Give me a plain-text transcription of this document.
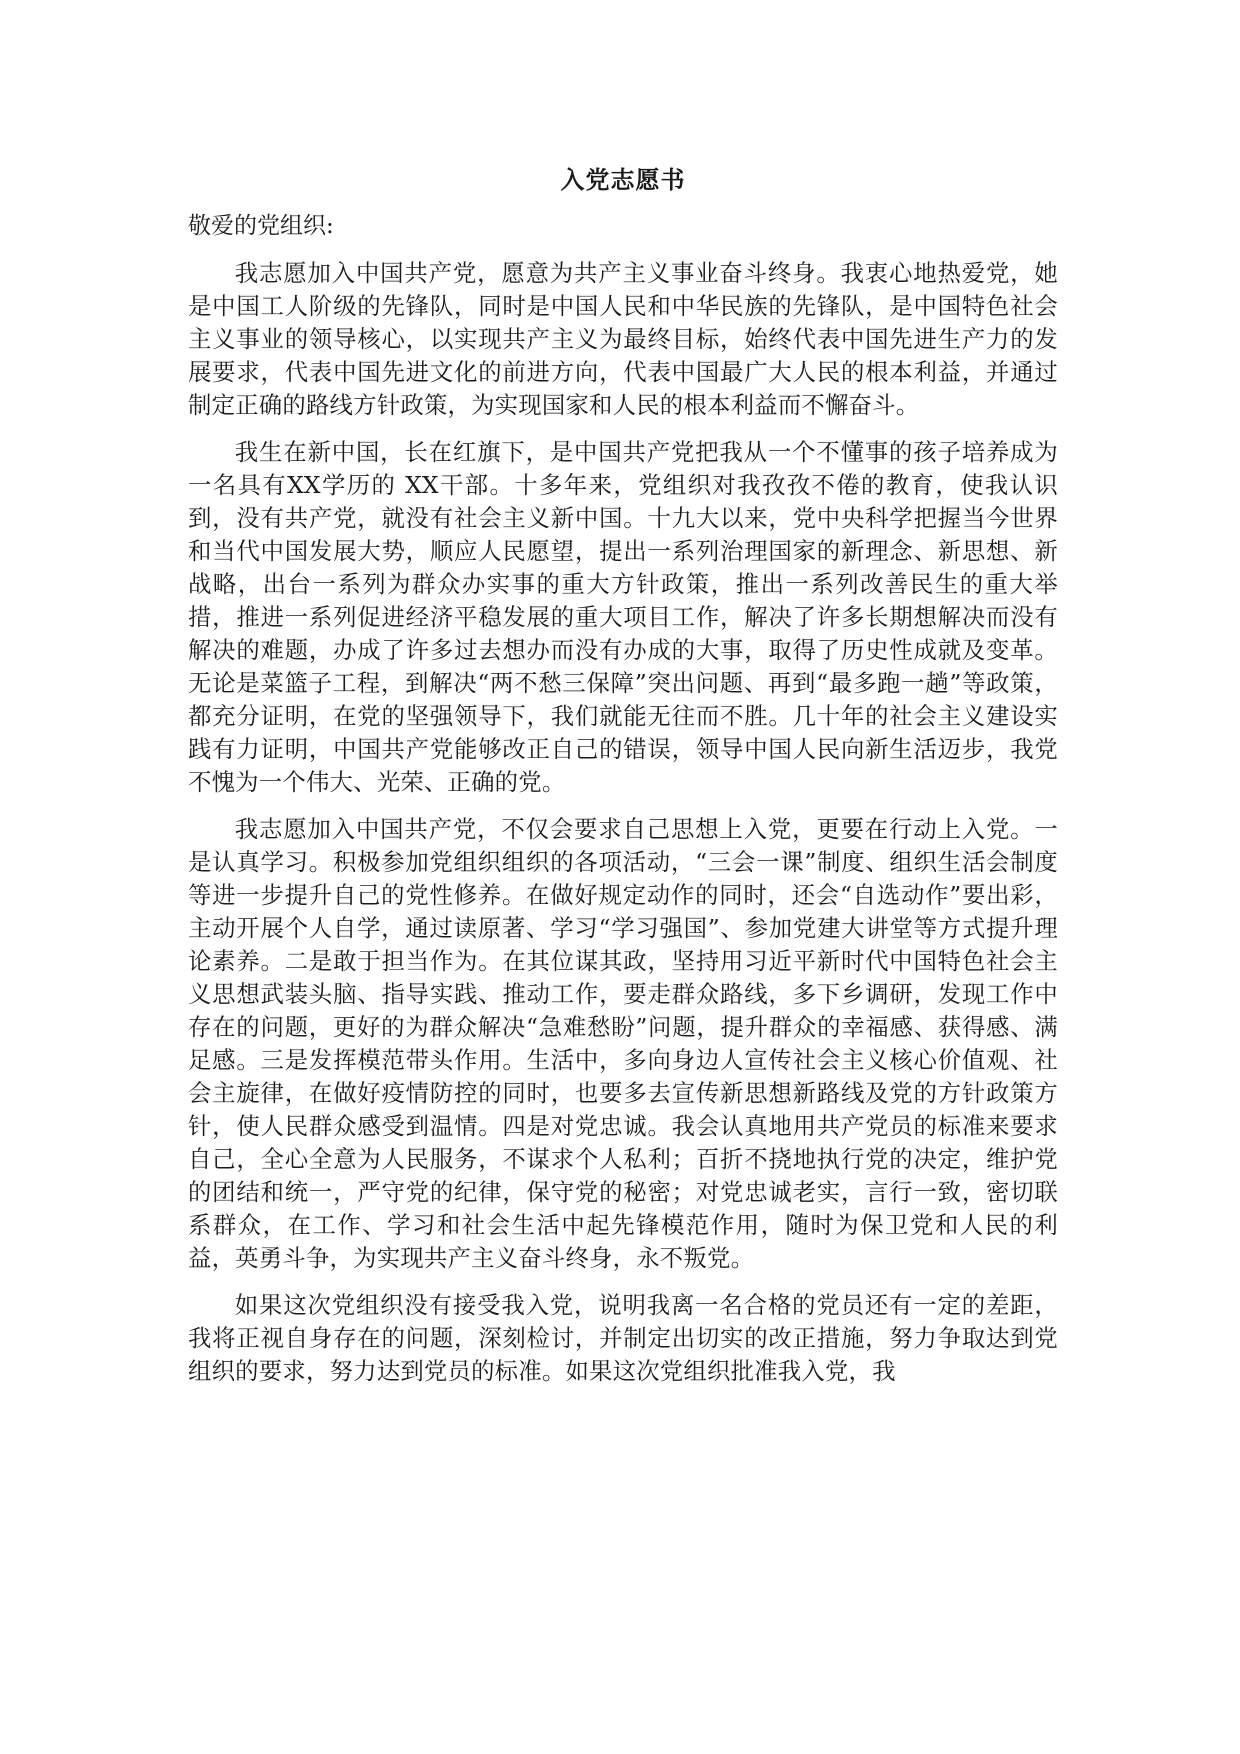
入党志愿书
敬爱的党组织:

我志愿加入中国共产党，愿意为共产主义事业奋斗终身。我衷心地热爱党，她是中国工人阶级的先锋队，同时是中国人民和中华民族的先锋队，是中国特色社会主义事业的领导核心，以实现共产主义为最终目标，始终代表中国先进生产力的发展要求，代表中国先进文化的前进方向，代表中国最广大人民的根本利益，并通过制定正确的路线方针政策，为实现国家和人民的根本利益而不懈奋斗。

我生在新中国，长在红旗下，是中国共产党把我从一个不懂事的孩子培养成为一名具有XX学历的 XX干部。十多年来，党组织对我孜孜不倦的教育，使我认识到，没有共产党，就没有社会主义新中国。十九大以来，党中央科学把握当今世界和当代中国发展大势，顺应人民愿望，提出一系列治理国家的新理念、新思想、新战略，出台一系列为群众办实事的重大方针政策，推出一系列改善民生的重大举措，推进一系列促进经济平稳发展的重大项目工作，解决了许多长期想解决而没有解决的难题，办成了许多过去想办而没有办成的大事，取得了历史性成就及变革。无论是菜篮子工程，到解决“两不愁三保障”突出问题、再到“最多跑一趟”等政策，都充分证明，在党的坚强领导下，我们就能无往而不胜。几十年的社会主义建设实践有力证明，中国共产党能够改正自己的错误，领导中国人民向新生活迈步，我党不愧为一个伟大、光荣、正确的党。

我志愿加入中国共产党，不仅会要求自己思想上入党，更要在行动上入党。一是认真学习。积极参加党组织组织的各项活动，“三会一课”制度、组织生活会制度等进一步提升自己的党性修养。在做好规定动作的同时，还会“自选动作”要出彩，主动开展个人自学，通过读原著、学习“学习强国”、参加党建大讲堂等方式提升理论素养。二是敢于担当作为。在其位谋其政，坚持用习近平新时代中国特色社会主义思想武装头脑、指导实践、推动工作，要走群众路线，多下乡调研，发现工作中存在的问题，更好的为群众解决“急难愁盼”问题，提升群众的幸福感、获得感、满足感。三是发挥模范带头作用。生活中，多向身边人宣传社会主义核心价值观、社会主旋律，在做好疫情防控的同时，也要多去宣传新思想新路线及党的方针政策方针，使人民群众感受到温情。四是对党忠诚。我会认真地用共产党员的标准来要求自己，全心全意为人民服务，不谋求个人私利；百折不挠地执行党的决定，维护党的团结和统一，严守党的纪律，保守党的秘密；对党忠诚老实，言行一致，密切联系群众，在工作、学习和社会生活中起先锋模范作用，随时为保卫党和人民的利益，英勇斗争，为实现共产主义奋斗终身，永不叛党。

如果这次党组织没有接受我入党，说明我离一名合格的党员还有一定的差距，我将正视自身存在的问题，深刻检讨，并制定出切实的改正措施，努力争取达到党组织的要求，努力达到党员的标准。如果这次党组织批准我入党，我
